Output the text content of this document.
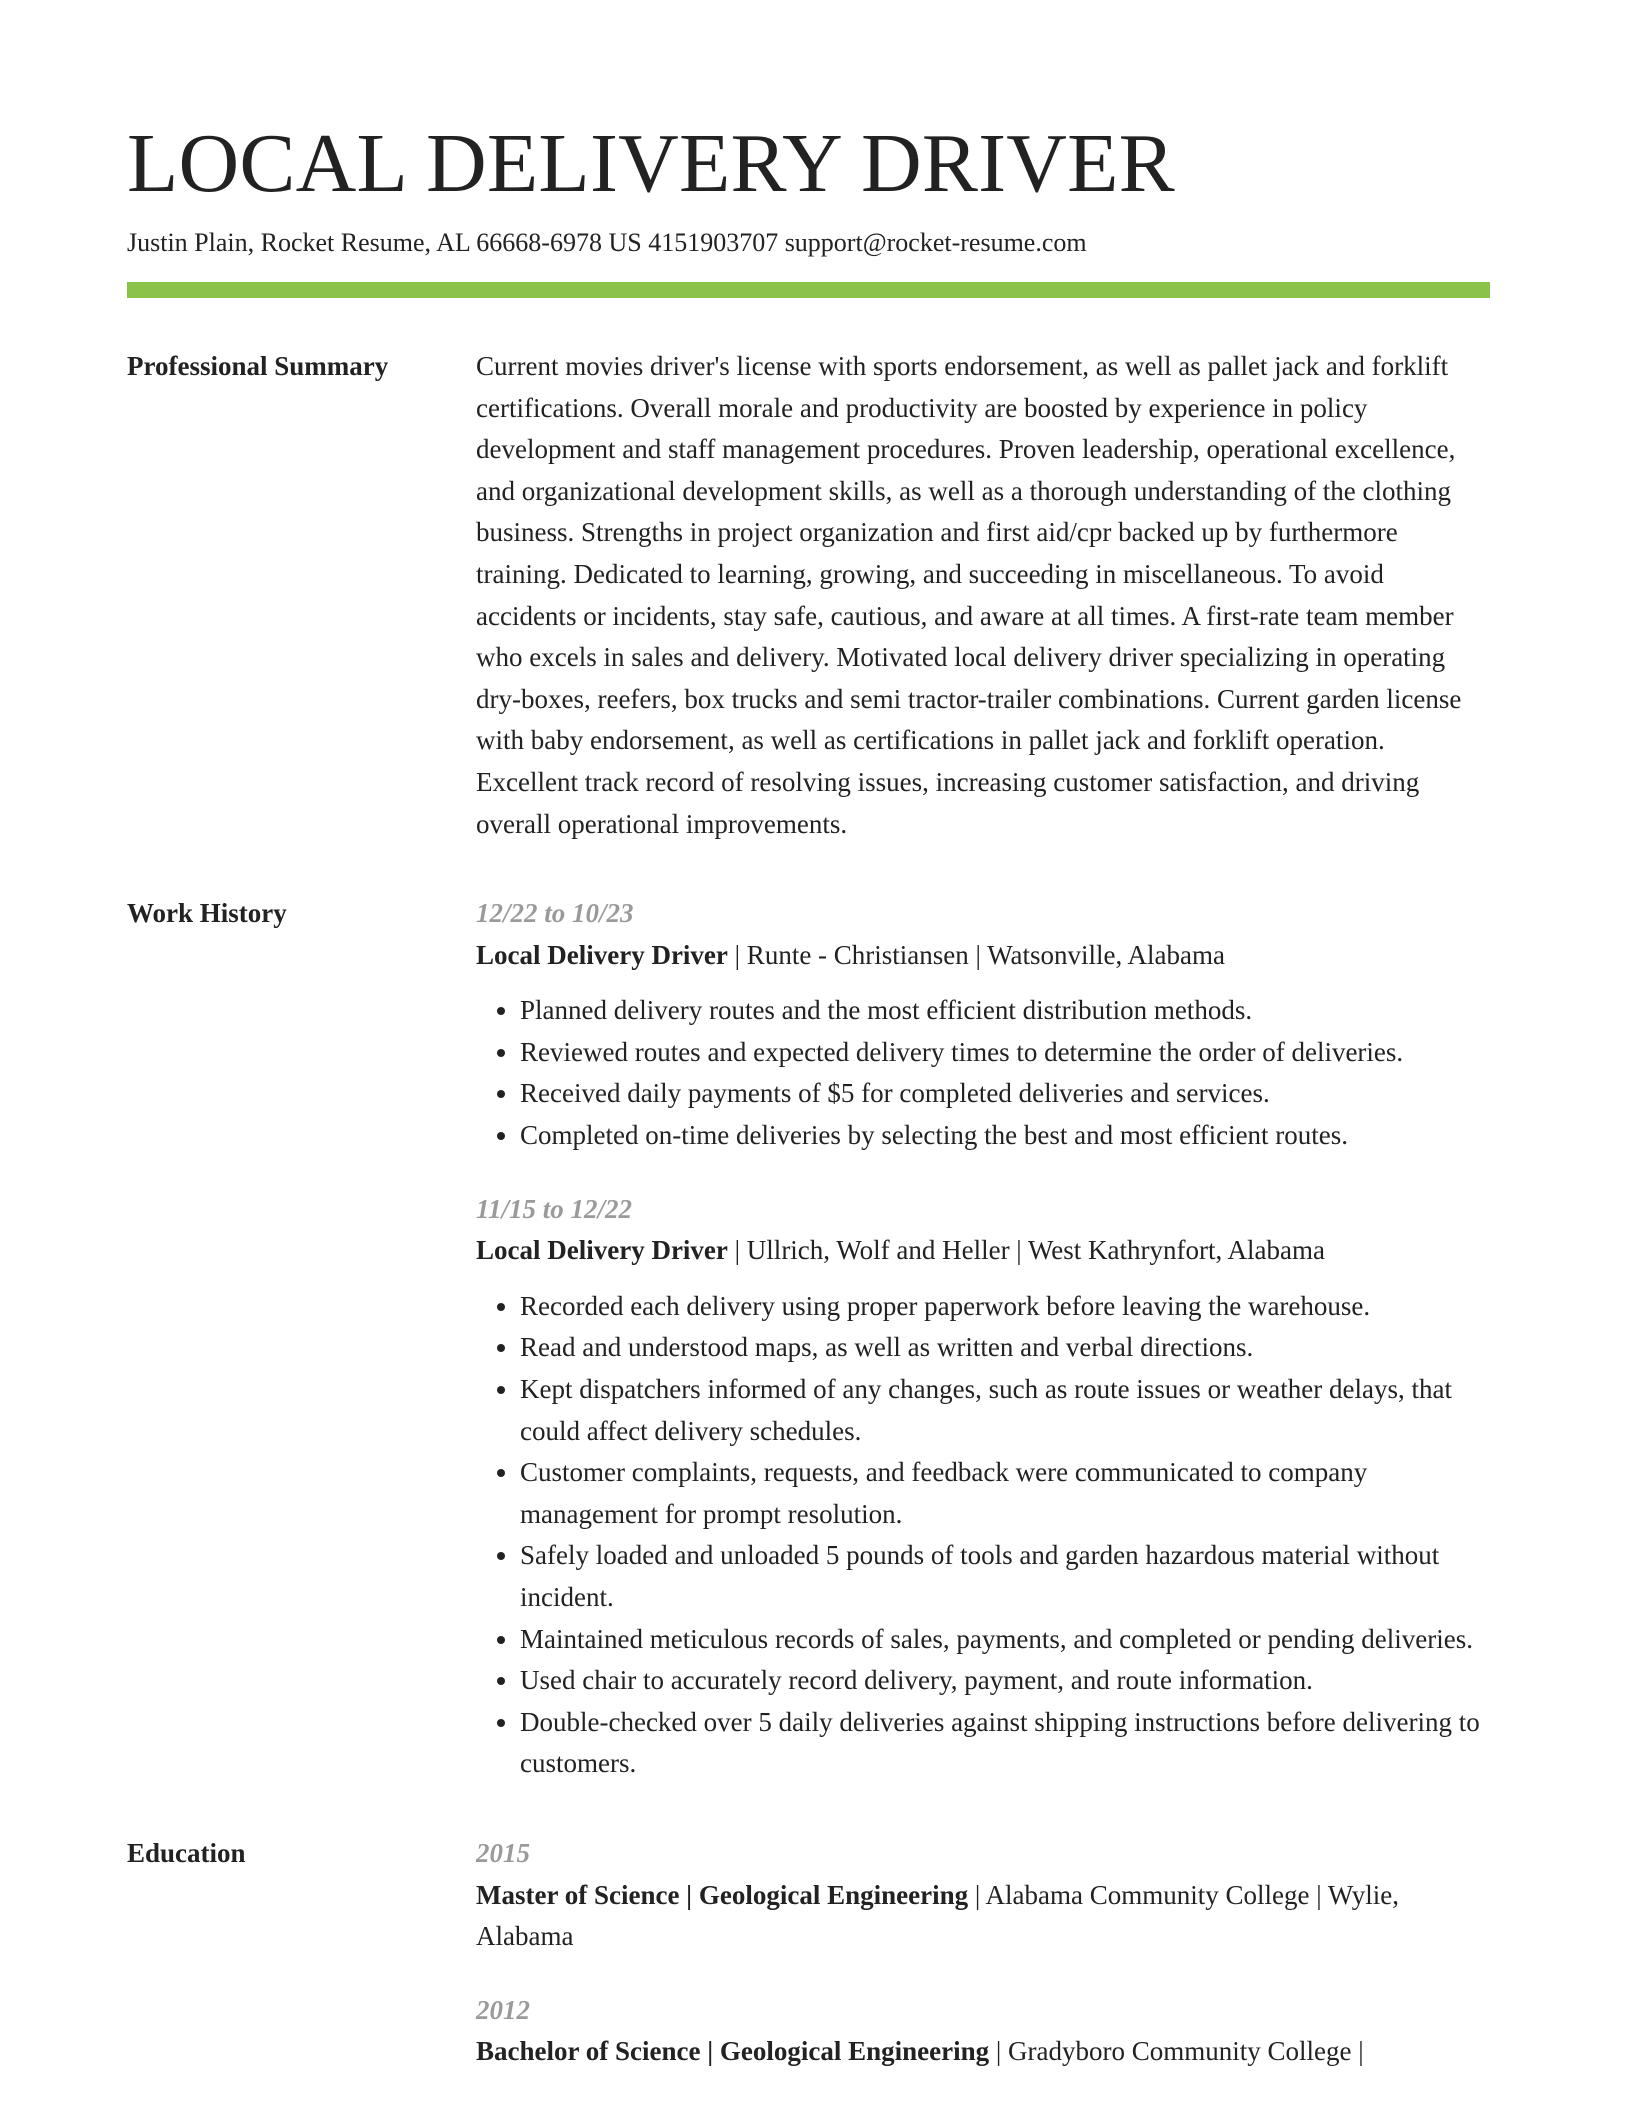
LOCAL DELIVERY DRIVER
Justin Plain, Rocket Resume, AL 66668-6978 US 4151903707 support@rocket-resume.com
Professional Summary	Current movies driver's license with sports endorsement, as well as pallet jack and forklift certifications. Overall morale and productivity are boosted by experience in policy development and staff management procedures. Proven leadership, operational excellence, and organizational development skills, as well as a thorough understanding of the clothing business. Strengths in project organization and first aid/cpr backed up by furthermore training. Dedicated to learning, growing, and succeeding in miscellaneous. To avoid accidents or incidents, stay safe, cautious, and aware at all times. A first-rate team member who excels in sales and delivery. Motivated local delivery driver specializing in operating dry-boxes, reefers, box trucks and semi tractor-trailer combinations. Current garden license with baby endorsement, as well as certifications in pallet jack and forklift operation. Excellent track record of resolving issues, increasing customer satisfaction, and driving overall operational improvements.

Work History	12/22 to 10/23
Local Delivery Driver | Runte - Christiansen | Watsonville, Alabama
• Planned delivery routes and the most efficient distribution methods.
• Reviewed routes and expected delivery times to determine the order of deliveries.
• Received daily payments of $5 for completed deliveries and services.
• Completed on-time deliveries by selecting the best and most efficient routes.
11/15 to 12/22
Local Delivery Driver | Ullrich, Wolf and Heller | West Kathrynfort, Alabama
• Recorded each delivery using proper paperwork before leaving the warehouse.
• Read and understood maps, as well as written and verbal directions.
• Kept dispatchers informed of any changes, such as route issues or weather delays, that could affect delivery schedules.
• Customer complaints, requests, and feedback were communicated to company management for prompt resolution.
• Safely loaded and unloaded 5 pounds of tools and garden hazardous material without incident.
• Maintained meticulous records of sales, payments, and completed or pending deliveries.
• Used chair to accurately record delivery, payment, and route information.
• Double-checked over 5 daily deliveries against shipping instructions before delivering to customers.
Education	2015
Master of Science | Geological Engineering | Alabama Community College | Wylie, Alabama
2012
Bachelor of Science | Geological Engineering | Gradyboro Community College |
